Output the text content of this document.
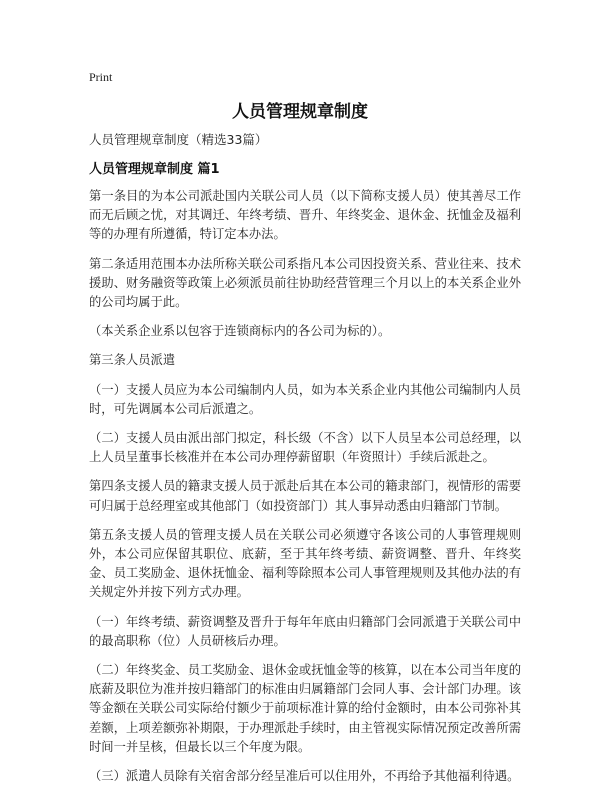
Print
人员管理规章制度

人员管理规章制度（精选33篇）

人员管理规章制度 篇1

第一条目的为本公司派赴国内关联公司人员（以下简称支援人员）使其善尽工作而无后顾之忧，对其调迁、年终考绩、晋升、年终奖金、退休金、抚恤金及福利等的办理有所遵循，特订定本办法。

第二条适用范围本办法所称关联公司系指凡本公司因投资关系、营业往来、技术援助、财务融资等政策上必须派员前往协助经营管理三个月以上的本关系企业外的公司均属于此。

（本关系企业系以包容于连锁商标内的各公司为标的）。

第三条人员派遣

（一）支援人员应为本公司编制内人员，如为本关系企业内其他公司编制内人员时，可先调属本公司后派遣之。

（二）支援人员由派出部门拟定，科长级（不含）以下人员呈本公司总经理，以上人员呈董事长核准并在本公司办理停薪留职（年资照计）手续后派赴之。

第四条支援人员的籍隶支援人员于派赴后其在本公司的籍隶部门，视情形的需要可归属于总经理室或其他部门（如投资部门）其人事异动悉由归籍部门节制。

第五条支援人员的管理支援人员在关联公司必须遵守各该公司的人事管理规则外，本公司应保留其职位、底薪，至于其年终考绩、薪资调整、晋升、年终奖金、员工奖励金、退休抚恤金、福利等除照本公司人事管理规则及其他办法的有关规定外并按下列方式办理。

（一）年终考绩、薪资调整及晋升于每年年底由归籍部门会同派遣于关联公司中的最高职称（位）人员研核后办理。

（二）年终奖金、员工奖励金、退休金或抚恤金等的核算，以在本公司当年度的底薪及职位为准并按归籍部门的标准由归属籍部门会同人事、会计部门办理。该等金额在关联公司实际给付额少于前项标准计算的给付金额时，由本公司弥补其差额，上项差额弥补期限，于办理派赴手续时，由主管视实际情况预定改善所需时间一并呈核，但最长以三个年度为限。

（三）派遣人员除有关宿舍部分经呈准后可以住用外，不再给予其他福利待遇。
